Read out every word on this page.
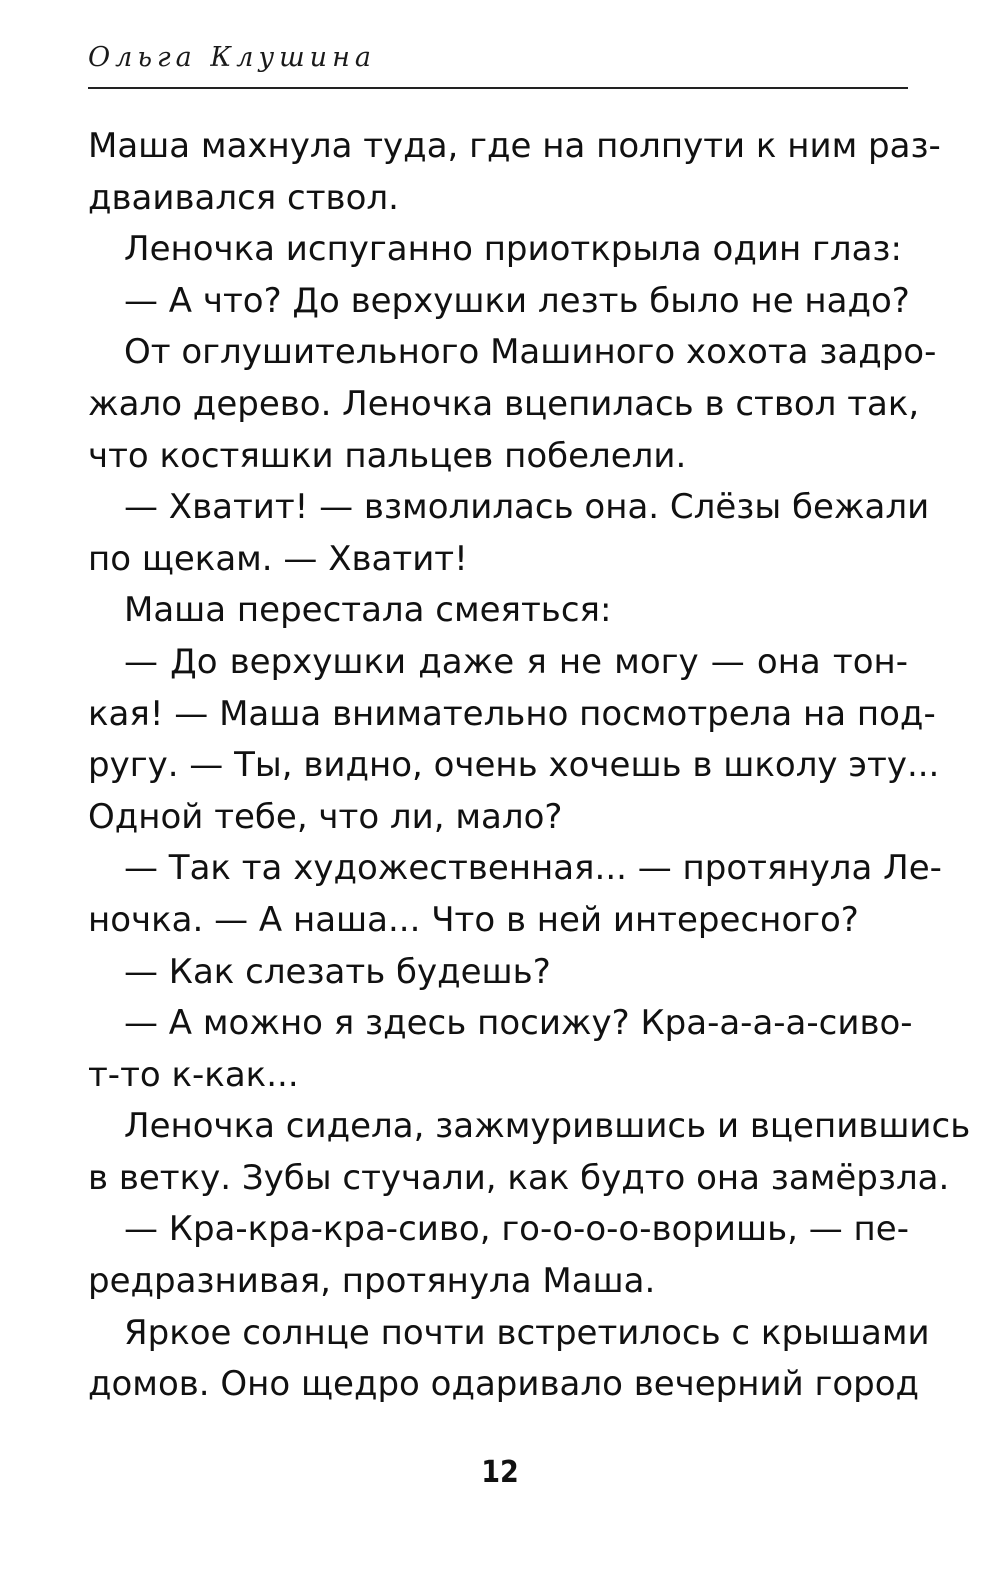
Ольга Клушина
Маша махнула туда, где на полпути к ним раз-
дваивался ствол.
Леночка испуганно приоткрыла один глаз:
— А что? До верхушки лезть было не надо?
От оглушительного Машиного хохота задро-
жало дерево. Леночка вцепилась в ствол так,
что костяшки пальцев побелели.
— Хватит! — взмолилась она. Слёзы бежали
по щекам. — Хватит!
Маша перестала смеяться:
— До верхушки даже я не могу — она тон-
кая! — Маша внимательно посмотрела на под-
ругу. — Ты, видно, очень хочешь в школу эту...
Одной тебе, что ли, мало?
— Так та художественная... — протянула Ле-
ночка. — А наша... Что в ней интересного?
— Как слезать будешь?
— А можно я здесь посижу? Кра-а-а-а-сиво-
т-то к-как...
Леночка сидела, зажмурившись и вцепившись
в ветку. Зубы стучали, как будто она замёрзла.
— Кра-кра-кра-сиво, го-о-о-о-воришь, — пе-
редразнивая, протянула Маша.
Яркое солнце почти встретилось с крышами
домов. Оно щедро одаривало вечерний город
12
